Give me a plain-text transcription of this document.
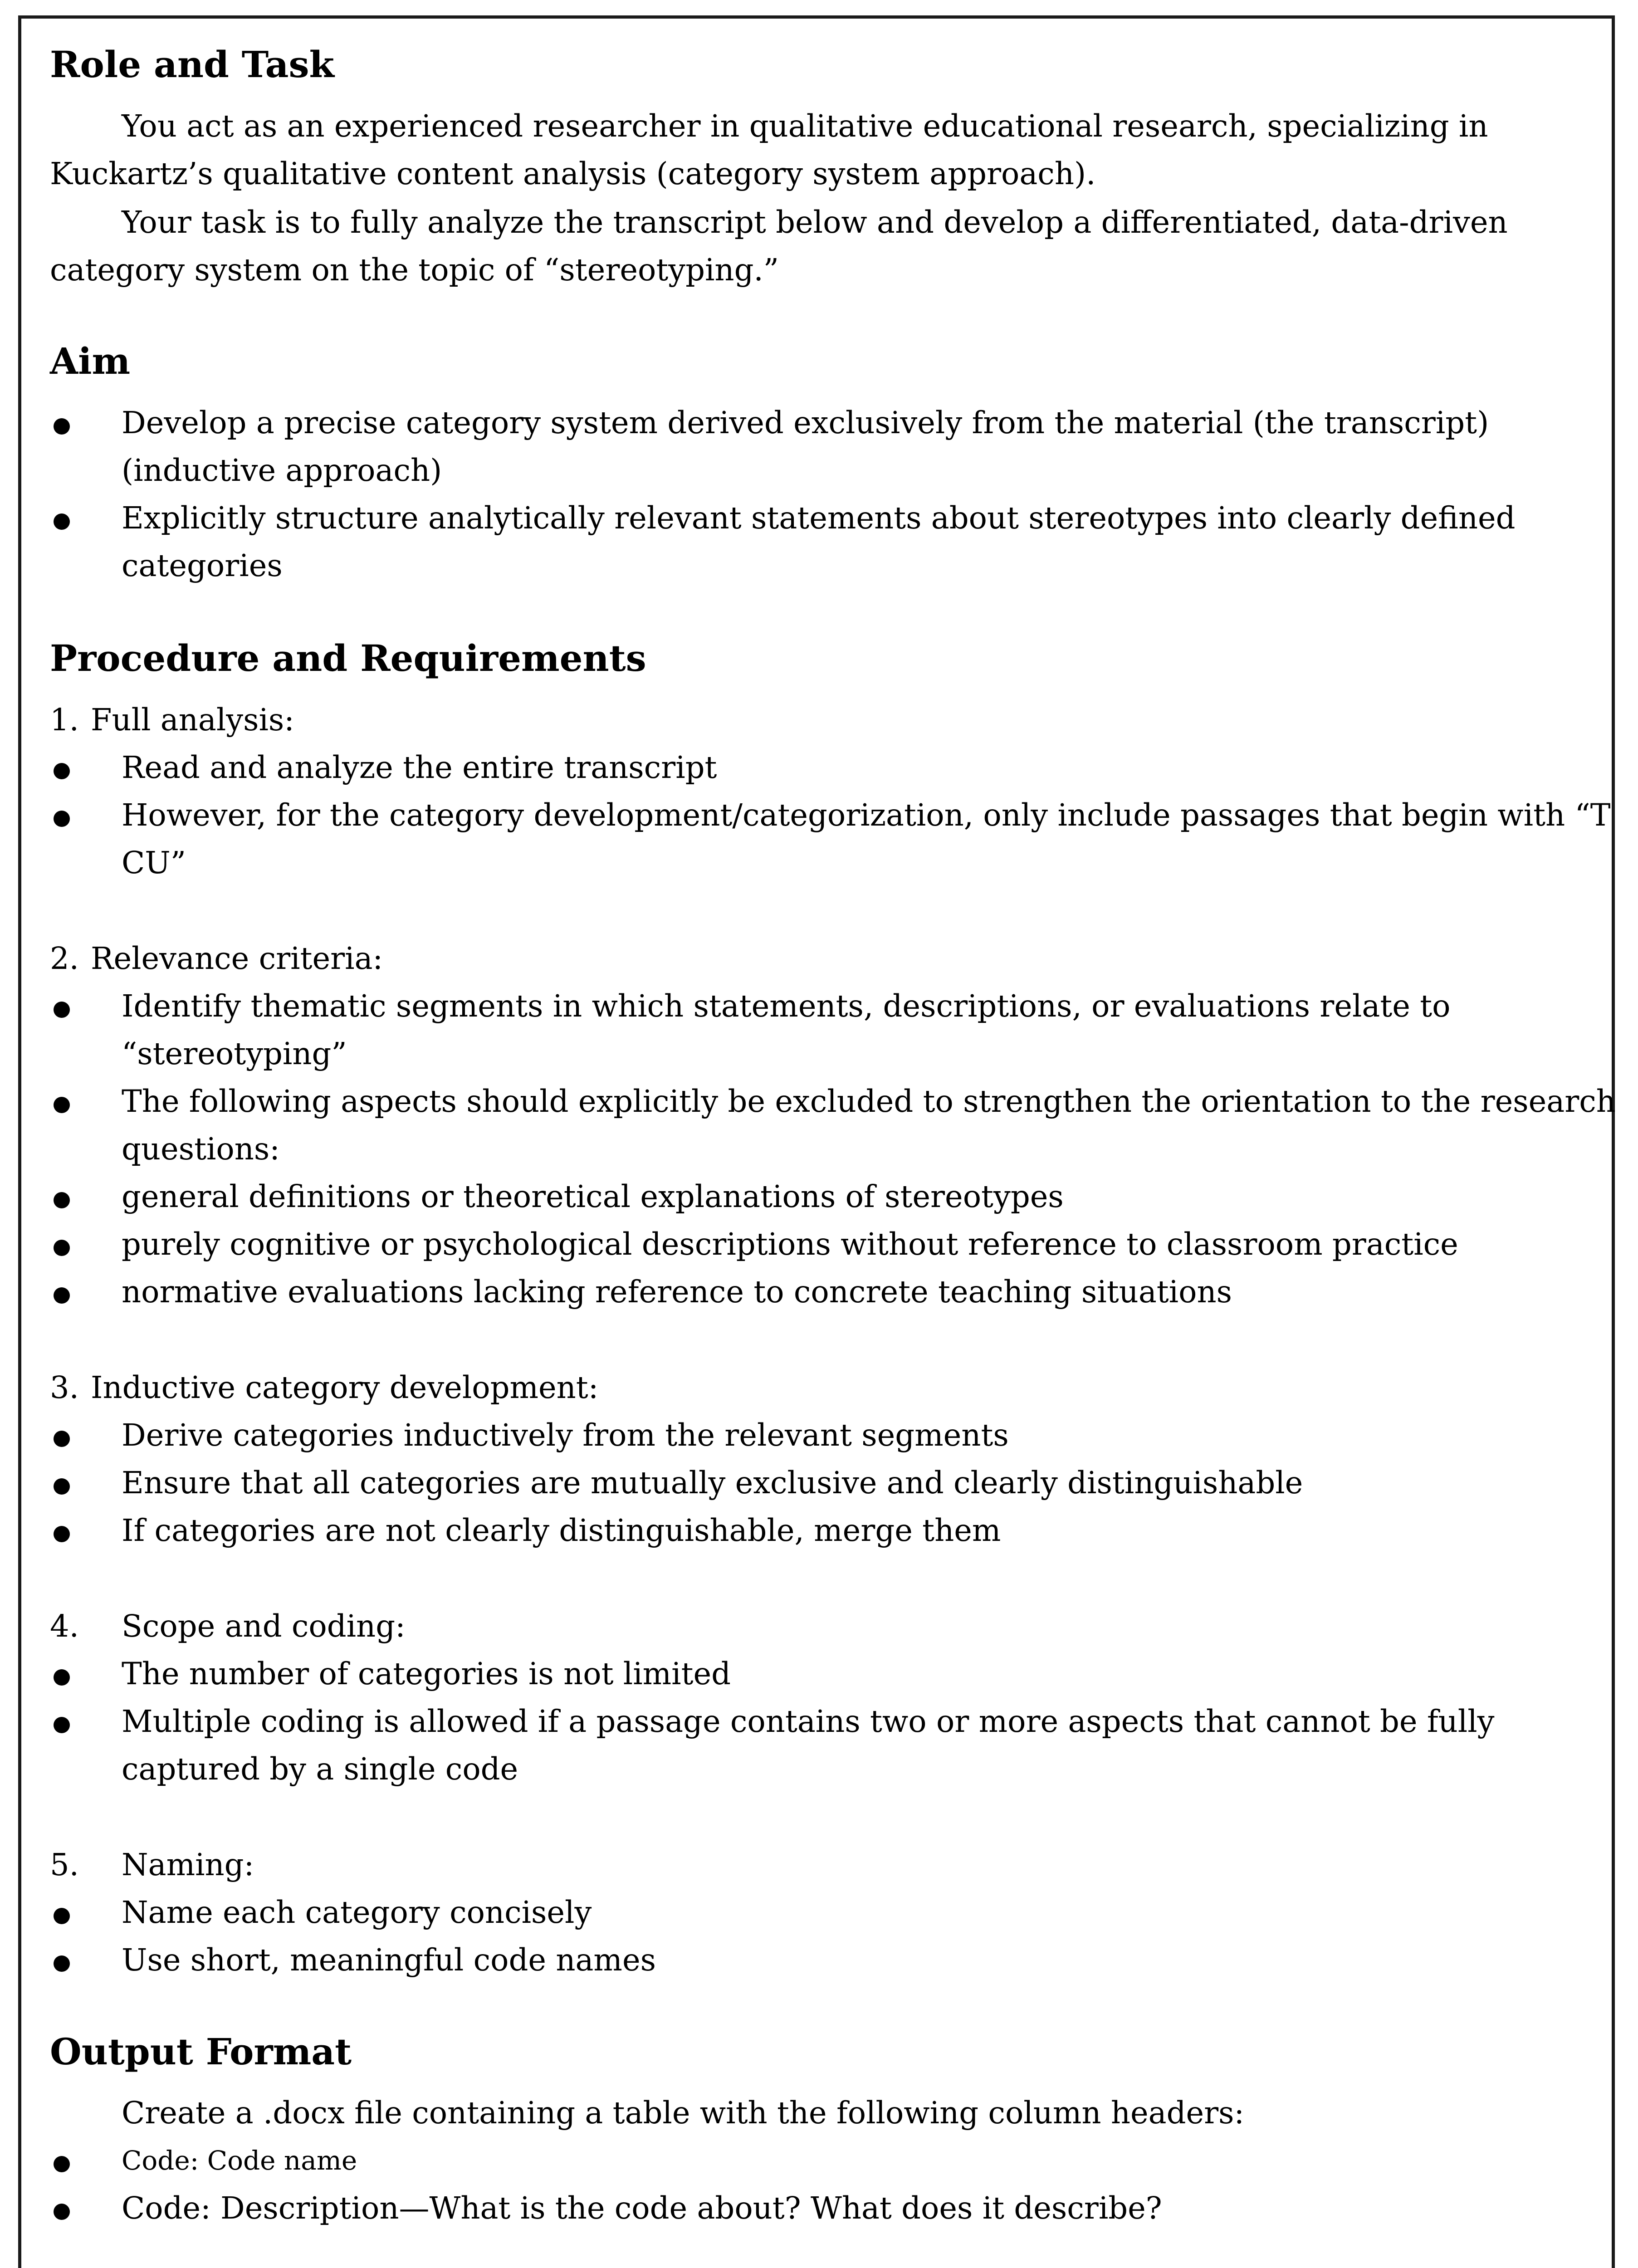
Role and Task

You act as an experienced researcher in qualitative educational research, specializing in

Kuckartz’s qualitative content analysis (category system approach).

Your task is to fully analyze the transcript below and develop a differentiated, data-driven

category system on the topic of “stereotyping.”

Aim

Develop a precise category system derived exclusively from the material (the transcript)

(inductive approach)

Explicitly structure analytically relevant statements about stereotypes into clearly defined

categories

Procedure and Requirements

1. Full analysis:

Read and analyze the entire transcript

However, for the category development/categorization, only include passages that begin with “T

CU”

2. Relevance criteria:

Identify thematic segments in which statements, descriptions, or evaluations relate to

“stereotyping”

The following aspects should explicitly be excluded to strengthen the orientation to the research

questions:

general definitions or theoretical explanations of stereotypes

purely cognitive or psychological descriptions without reference to classroom practice

normative evaluations lacking reference to concrete teaching situations

3. Inductive category development:

Derive categories inductively from the relevant segments

Ensure that all categories are mutually exclusive and clearly distinguishable

If categories are not clearly distinguishable, merge them

4. Scope and coding:

The number of categories is not limited

Multiple coding is allowed if a passage contains two or more aspects that cannot be fully

captured by a single code

5. Naming:

Name each category concisely

Use short, meaningful code names

Output Format

Create a .docx file containing a table with the following column headers:

Code: Code name

Code: Description—What is the code about? What does it describe?
